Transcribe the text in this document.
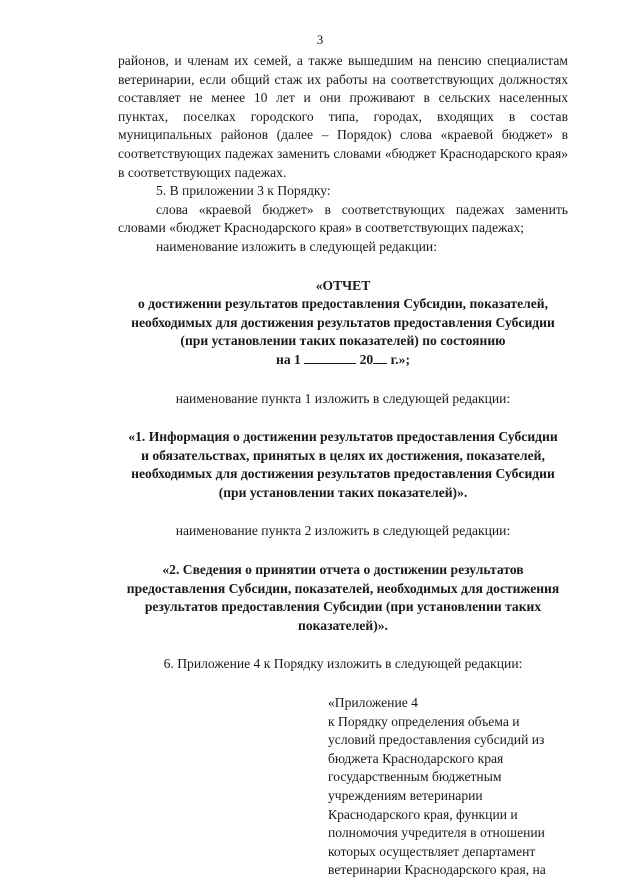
3

районов, и членам их семей, а также вышедшим на пенсию специалистам ветеринарии, если общий стаж их работы на соответствующих должностях составляет не менее 10 лет и они проживают в сельских населенных пунктах, поселках городского типа, городах, входящих в состав муниципальных районов (далее – Порядок) слова «краевой бюджет» в соответствующих падежах заменить словами «бюджет Краснодарского края» в соответствующих падежах.

5. В приложении 3 к Порядку:

слова «краевой бюджет» в соответствующих падежах заменить словами «бюджет Краснодарского края» в соответствующих падежах;

наименование изложить в следующей редакции:

«ОТЧЕТ
о достижении результатов предоставления Субсидии, показателей,
необходимых для достижения результатов предоставления Субсидии
(при установлении таких показателей) по состоянию
на 1	20 г.»;

наименование пункта 1 изложить в следующей редакции:

«1. Информация о достижении результатов предоставления Субсидии
и обязательствах, принятых в целях их достижения, показателей,
необходимых для достижения результатов предоставления Субсидии
(при установлении таких показателей)».

наименование пункта 2 изложить в следующей редакции:

«2. Сведения о принятии отчета о достижении результатов
предоставления Субсидии, показателей, необходимых для достижения
результатов предоставления Субсидии (при установлении таких
показателей)».

6. Приложение 4 к Порядку изложить в следующей редакции:

«Приложение 4
к Порядку определения объема и
условий предоставления субсидий из
бюджета Краснодарского края
государственным бюджетным
учреждениям ветеринарии
Краснодарского края, функции и
полномочия учредителя в отношении
которых осуществляет департамент
ветеринарии Краснодарского края, на
